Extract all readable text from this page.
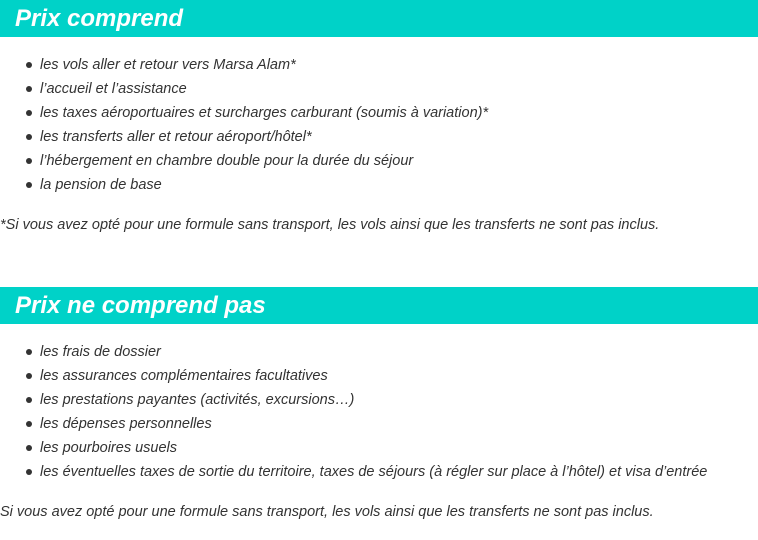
Prix comprend
les vols aller et retour vers Marsa Alam*
l’accueil et l’assistance
les taxes aéroportuaires et surcharges carburant (soumis à variation)*
les transferts aller et retour aéroport/hôtel*
l’hébergement en chambre double pour la durée du séjour
la pension de base

*Si vous avez opté pour une formule sans transport, les vols ainsi que les transferts ne sont pas inclus.

Prix ne comprend pas
les frais de dossier
les assurances complémentaires facultatives
les prestations payantes (activités, excursions…)
les dépenses personnelles
les pourboires usuels
les éventuelles taxes de sortie du territoire, taxes de séjours (à régler sur place à l’hôtel) et visa d’entrée

Si vous avez opté pour une formule sans transport, les vols ainsi que les transferts ne sont pas inclus.
